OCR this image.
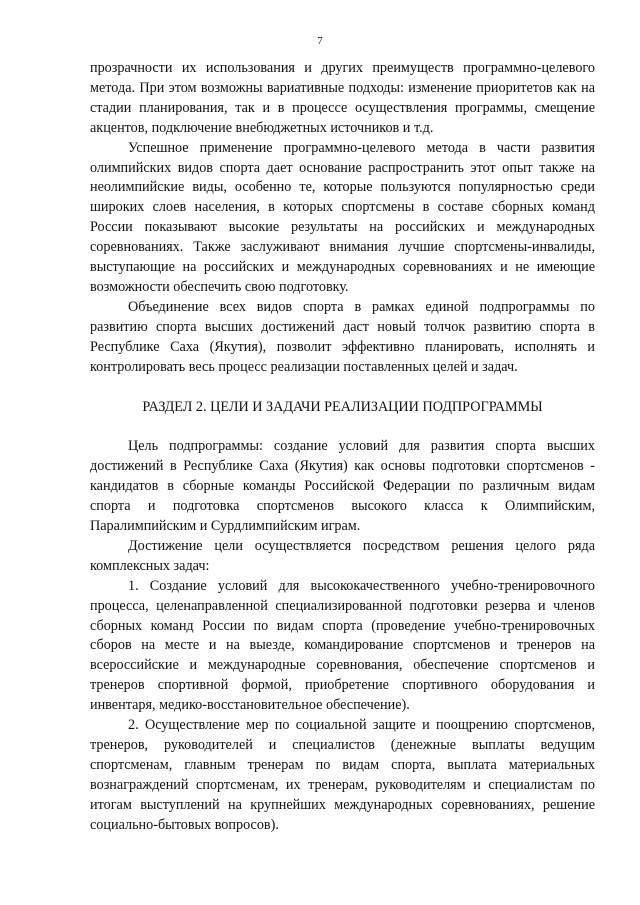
7

прозрачности их использования и других преимуществ программно-целевого метода. При этом возможны вариативные подходы: изменение приоритетов как на стадии планирования, так и в процессе осуществления программы, смещение акцентов, подключение внебюджетных источников и т.д.

Успешное применение программно-целевого метода в части развития олимпийских видов спорта дает основание распространить этот опыт также на неолимпийские виды, особенно те, которые пользуются популярностью среди широких слоев населения, в которых спортсмены в составе сборных команд России показывают высокие результаты на российских и международных соревнованиях. Также заслуживают внимания лучшие спортсмены-инвалиды, выступающие на российских и международных соревнованиях и не имеющие возможности обеспечить свою подготовку.

Объединение всех видов спорта в рамках единой подпрограммы по развитию спорта высших достижений даст новый толчок развитию спорта в Республике Саха (Якутия), позволит эффективно планировать, исполнять и контролировать весь процесс реализации поставленных целей и задач.

РАЗДЕЛ 2. ЦЕЛИ И ЗАДАЧИ РЕАЛИЗАЦИИ ПОДПРОГРАММЫ

Цель подпрограммы: создание условий для развития спорта высших достижений в Республике Саха (Якутия) как основы подготовки спортсменов - кандидатов в сборные команды Российской Федерации по различным видам спорта и подготовка спортсменов высокого класса к Олимпийским, Паралимпийским и Сурдлимпийским играм.

Достижение цели осуществляется посредством решения целого ряда комплексных задач:

1. Создание условий для высококачественного учебно-тренировочного процесса, целенаправленной специализированной подготовки резерва и членов сборных команд России по видам спорта (проведение учебно-тренировочных сборов на месте и на выезде, командирование спортсменов и тренеров на всероссийские и международные соревнования, обеспечение спортсменов и тренеров спортивной формой, приобретение спортивного оборудования и инвентаря, медико-восстановительное обеспечение).

2. Осуществление мер по социальной защите и поощрению спортсменов, тренеров, руководителей и специалистов (денежные выплаты ведущим спортсменам, главным тренерам по видам спорта, выплата материальных вознаграждений спортсменам, их тренерам, руководителям и специалистам по итогам выступлений на крупнейших международных соревнованиях, решение социально-бытовых вопросов).
